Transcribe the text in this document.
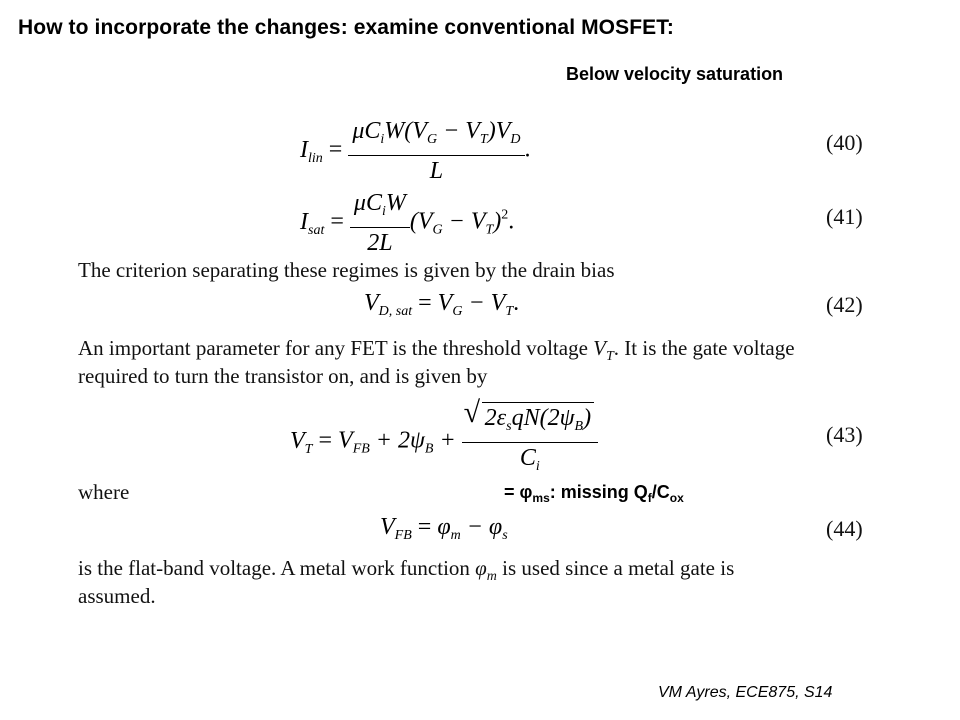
How to incorporate the changes: examine conventional MOSFET:
Below velocity saturation
$I_{lin} = \frac{\mu C_iW(V_G - V_T)V_D}{L}$ .	(40)
$I_{sat} = \frac{\mu C_iW}{2L} (V_G - V_T)^2$.	(41)
The criterion separating these regimes is given by the drain bias
$V_{D, sat} = V_G - V_T$.	(42)
An important parameter for any FET is the threshold voltage $V_T$. It is the gate voltage
required to turn the transistor on, and is given by
$V_T = V_{FB} + 2\psi_B + \frac{√ 2\varepsilon_sqN(2\psi_B)}{C_i}$	(43)
where	= $\varphi_{ms}$: missing $Q_f/C_{ox}$
$V_{FB} = \varphi_m - \varphi_s$	(44)
is the flat-band voltage. A metal work function $\varphi_m$ is used since a metal gate is
assumed.
VM Ayres, ECE875, S14
